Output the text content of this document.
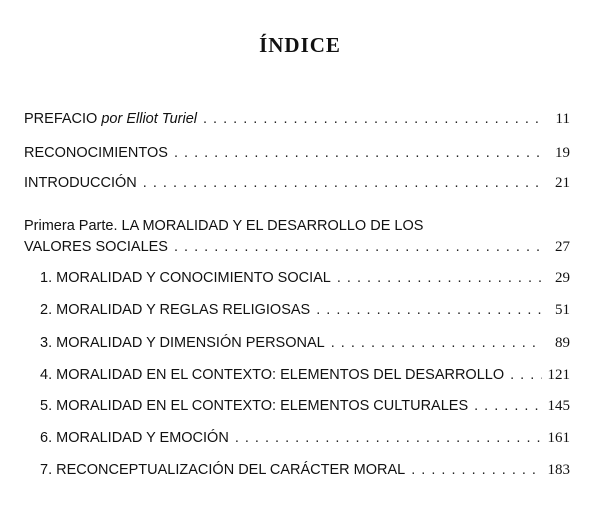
ÍNDICE
PREFACIO por Elliot Turiel . . .	11
RECONOCIMIENTOS . . .	19
INTRODUCCIÓN . . .	21
Primera Parte. LA MORALIDAD Y EL DESARROLLO DE LOS
VALORES SOCIALES . . .	27
1. MORALIDAD Y CONOCIMIENTO SOCIAL . . .	29
2. MORALIDAD Y REGLAS RELIGIOSAS . . .	51
3. MORALIDAD Y DIMENSIÓN PERSONAL . . .	89
4. MORALIDAD EN EL CONTEXTO: ELEMENTOS DEL DESARROLLO . . .	121
5. MORALIDAD EN EL CONTEXTO: ELEMENTOS CULTURALES . . .	145
6. MORALIDAD Y EMOCIÓN . . .	161
7. RECONCEPTUALIZACIÓN DEL CARÁCTER MORAL . . .	183
